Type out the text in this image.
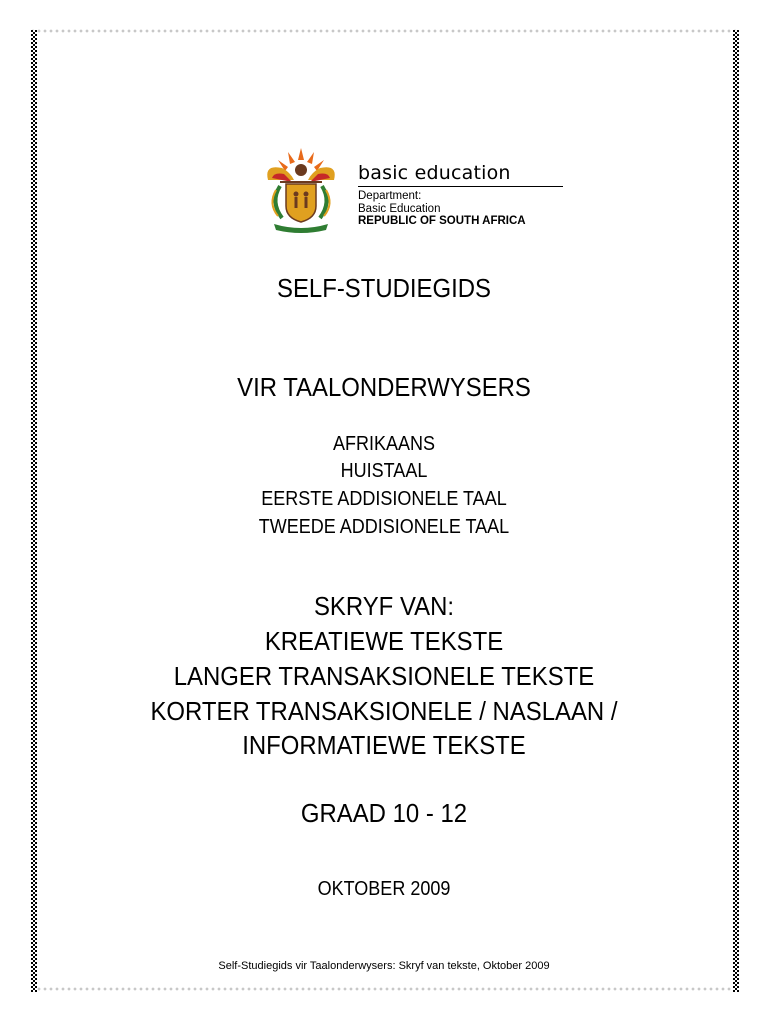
basic education
Department:
Basic Education
REPUBLIC OF SOUTH AFRICA
SELF-STUDIEGIDS
VIR TAALONDERWYSERS
AFRIKAANS
HUISTAAL
EERSTE ADDISIONELE TAAL
TWEEDE ADDISIONELE TAAL
SKRYF VAN:
KREATIEWE TEKSTE
LANGER TRANSAKSIONELE TEKSTE
KORTER TRANSAKSIONELE / NASLAAN /
INFORMATIEWE TEKSTE
GRAAD 10 - 12
OKTOBER 2009
Self-Studiegids vir Taalonderwysers: Skryf van tekste, Oktober 2009
